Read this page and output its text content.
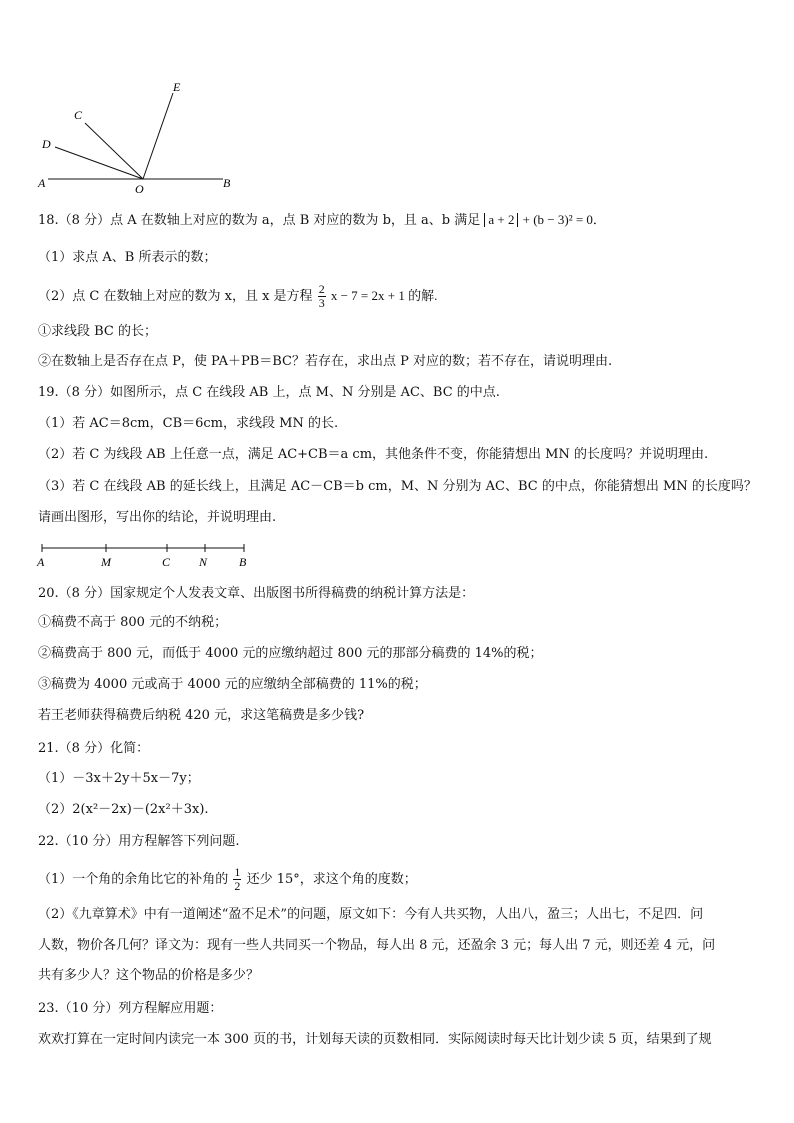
E
C
D
A	O	B
18.（8 分）点 A 在数轴上对应的数为 a，点 B 对应的数为 b，且 a、b 满足 a + 2 + (b − 3)² = 0．
（1）求点 A、B 所表示的数；
（2）点 C 在数轴上对应的数为 x，且 x 是方程 $\frac{2}{3}$ x − 7 = 2x + 1 的解.
①求线段 BC 的长；
②在数轴上是否存在点 P，使 PA＋PB＝BC？若存在，求出点 P 对应的数；若不存在，请说明理由.
19.（8 分）如图所示，点 C 在线段 AB 上，点 M、N 分别是 AC、BC 的中点.
（1）若 AC＝8cm，CB＝6cm，求线段 MN 的长.
（2）若 C 为线段 AB 上任意一点，满足 AC+CB＝a cm，其他条件不变，你能猜想出 MN 的长度吗？并说明理由.
（3）若 C 在线段 AB 的延长线上，且满足 AC－CB＝b cm，M、N 分别为 AC、BC 的中点，你能猜想出 MN 的长度吗？
请画出图形，写出你的结论，并说明理由.
A	M	C N	B
20.（8 分）国家规定个人发表文章、出版图书所得稿费的纳税计算方法是：
①稿费不高于 800 元的不纳税；
②稿费高于 800 元，而低于 4000 元的应缴纳超过 800 元的那部分稿费的 14%的税；
③稿费为 4000 元或高于 4000 元的应缴纳全部稿费的 11%的税；
若王老师获得稿费后纳税 420 元，求这笔稿费是多少钱?
21.（8 分）化简：
（1）－3x＋2y＋5x－7y；
（2）2(x²－2x)－(2x²＋3x).
22.（10 分）用方程解答下列问题.
（1）一个角的余角比它的补角的 $\frac{1}{2}$ 还少 15°，求这个角的度数；
（2）《九章算术》中有一道阐述“盈不足术”的问题，原文如下：今有人共买物，人出八，盈三；人出七，不足四．问
人数，物价各几何？译文为：现有一些人共同买一个物品，每人出 8 元，还盈余 3 元；每人出 7 元，则还差 4 元，问
共有多少人？这个物品的价格是多少？
23.（10 分）列方程解应用题：
欢欢打算在一定时间内读完一本 300 页的书，计划每天读的页数相同．实际阅读时每天比计划少读 5 页，结果到了规
